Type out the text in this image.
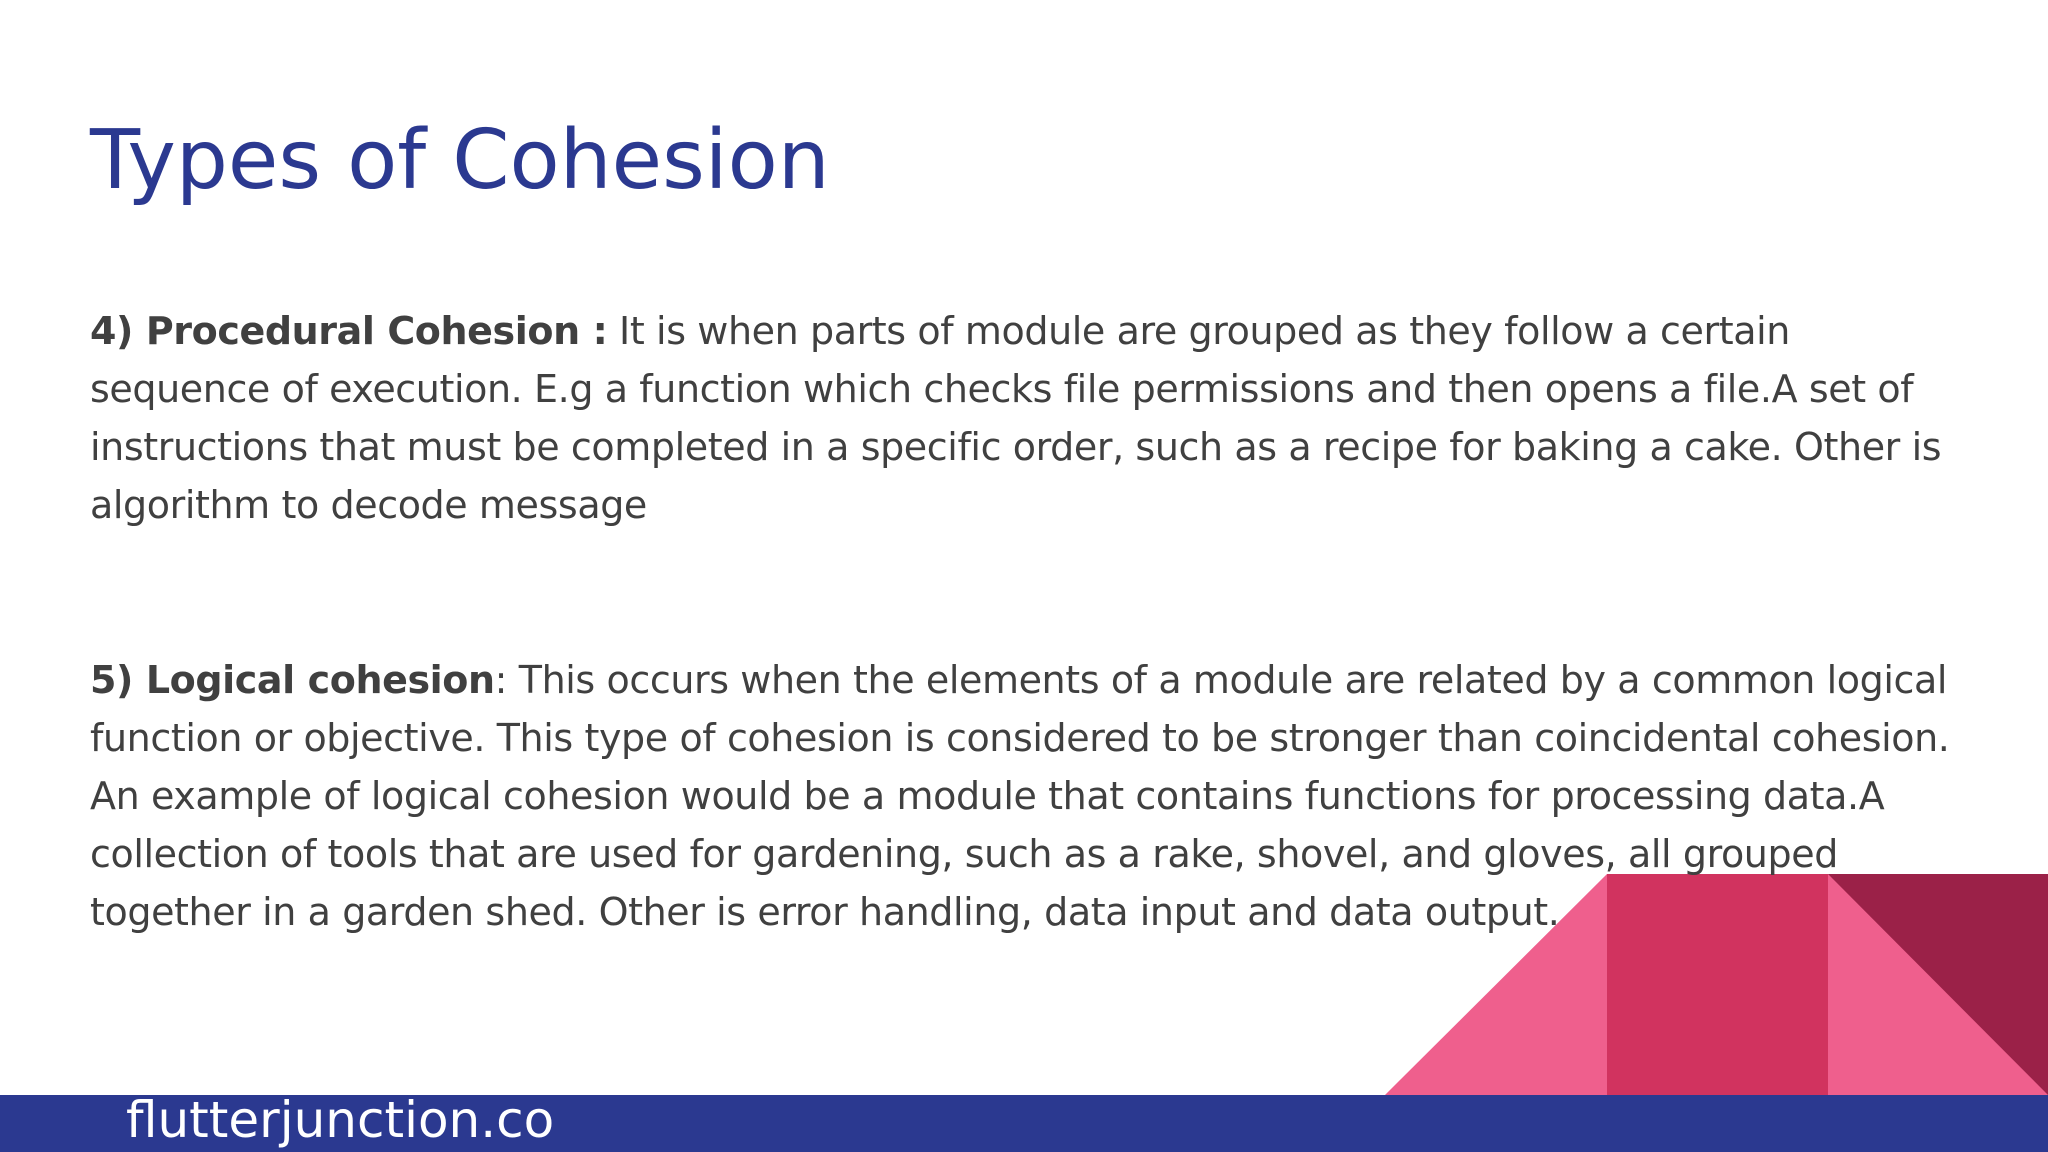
Types of Cohesion

4) Procedural Cohesion : It is when parts of module are grouped as they follow a certain sequence of execution. E.g a function which checks file permissions and then opens a file.A set of instructions that must be completed in a specific order, such as a recipe for baking a cake. Other is algorithm to decode message

5) Logical cohesion: This occurs when the elements of a module are related by a common logical function or objective. This type of cohesion is considered to be stronger than coincidental cohesion. An example of logical cohesion would be a module that contains functions for processing data.A collection of tools that are used for gardening, such as a rake, shovel, and gloves, all grouped together in a garden shed. Other is error handling, data input and data output.

flutterjunction.co
